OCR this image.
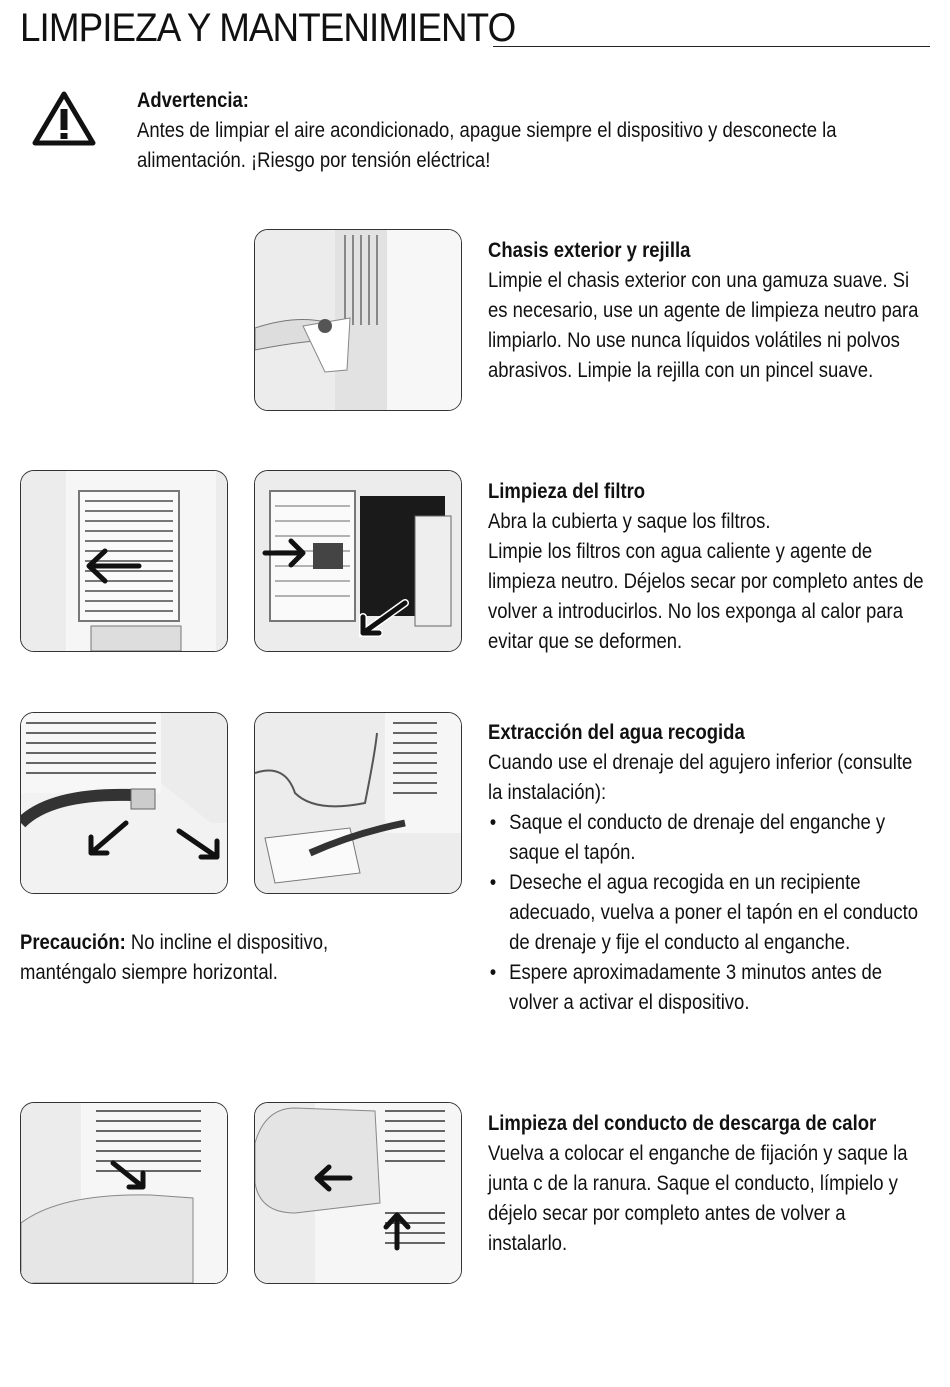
LIMPIEZA Y MANTENIMIENTO
Advertencia:
Antes de limpiar el aire acondicionado, apague siempre el dispositivo y desconecte la alimentación. ¡Riesgo por tensión eléctrica!
Chasis exterior y rejilla
Limpie el chasis exterior con una gamuza suave. Si es necesario, use un agente de limpieza neutro para limpiarlo. No use nunca líquidos volátiles ni polvos abrasivos. Limpie la rejilla con un pincel suave.
Limpieza del filtro
Abra la cubierta y saque los filtros.
Limpie los filtros con agua caliente y agente de limpieza neutro. Déjelos secar por completo antes de volver a introducirlos. No los exponga al calor para evitar que se deformen.
Extracción del agua recogida
Cuando use el drenaje del agujero inferior (consulte la instalación):
• Saque el conducto de drenaje del enganche y saque el tapón.
• Deseche el agua recogida en un recipiente adecuado, vuelva a poner el tapón en el conducto de drenaje y fije el conducto al enganche.
• Espere aproximadamente 3 minutos antes de volver a activar el dispositivo.
Precaución: No incline el dispositivo, manténgalo siempre horizontal.
Limpieza del conducto de descarga de calor
Vuelva a colocar el enganche de fijación y saque la junta c de la ranura. Saque el conducto, límpielo y déjelo secar por completo antes de volver a instalarlo.
